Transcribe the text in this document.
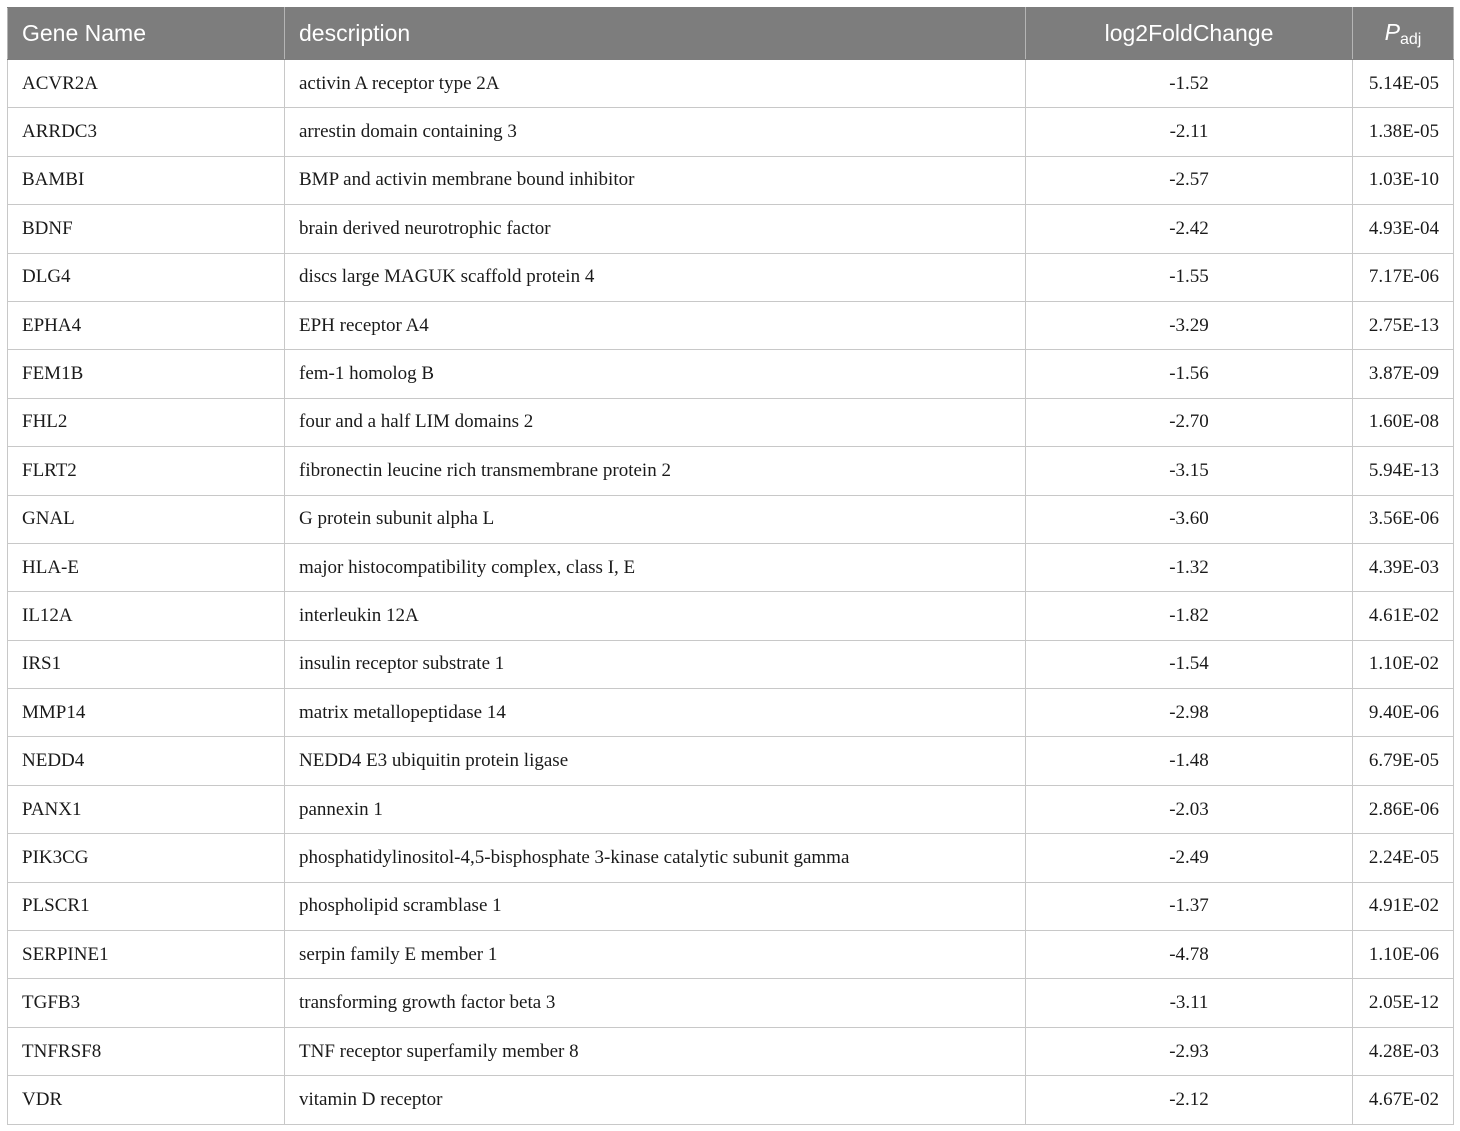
Gene Name	description	log2FoldChange	$P_{adj}$
ACVR2A	activin A receptor type 2A	-1.52	5.14E-05
ARRDC3	arrestin domain containing 3	-2.11	1.38E-05
BAMBI	BMP and activin membrane bound inhibitor	-2.57	1.03E-10
BDNF	brain derived neurotrophic factor	-2.42	4.93E-04
DLG4	discs large MAGUK scaffold protein 4	-1.55	7.17E-06
EPHA4	EPH receptor A4	-3.29	2.75E-13
FEM1B	fem-1 homolog B	-1.56	3.87E-09
FHL2	four and a half LIM domains 2	-2.70	1.60E-08
FLRT2	fibronectin leucine rich transmembrane protein 2	-3.15	5.94E-13
GNAL	G protein subunit alpha L	-3.60	3.56E-06
HLA-E	major histocompatibility complex, class I, E	-1.32	4.39E-03
IL12A	interleukin 12A	-1.82	4.61E-02
IRS1	insulin receptor substrate 1	-1.54	1.10E-02
MMP14	matrix metallopeptidase 14	-2.98	9.40E-06
NEDD4	NEDD4 E3 ubiquitin protein ligase	-1.48	6.79E-05
PANX1	pannexin 1	-2.03	2.86E-06
PIK3CG	phosphatidylinositol-4,5-bisphosphate 3-kinase catalytic subunit gamma	-2.49	2.24E-05
PLSCR1	phospholipid scramblase 1	-1.37	4.91E-02
SERPINE1	serpin family E member 1	-4.78	1.10E-06
TGFB3	transforming growth factor beta 3	-3.11	2.05E-12
TNFRSF8	TNF receptor superfamily member 8	-2.93	4.28E-03
VDR	vitamin D receptor	-2.12	4.67E-02
